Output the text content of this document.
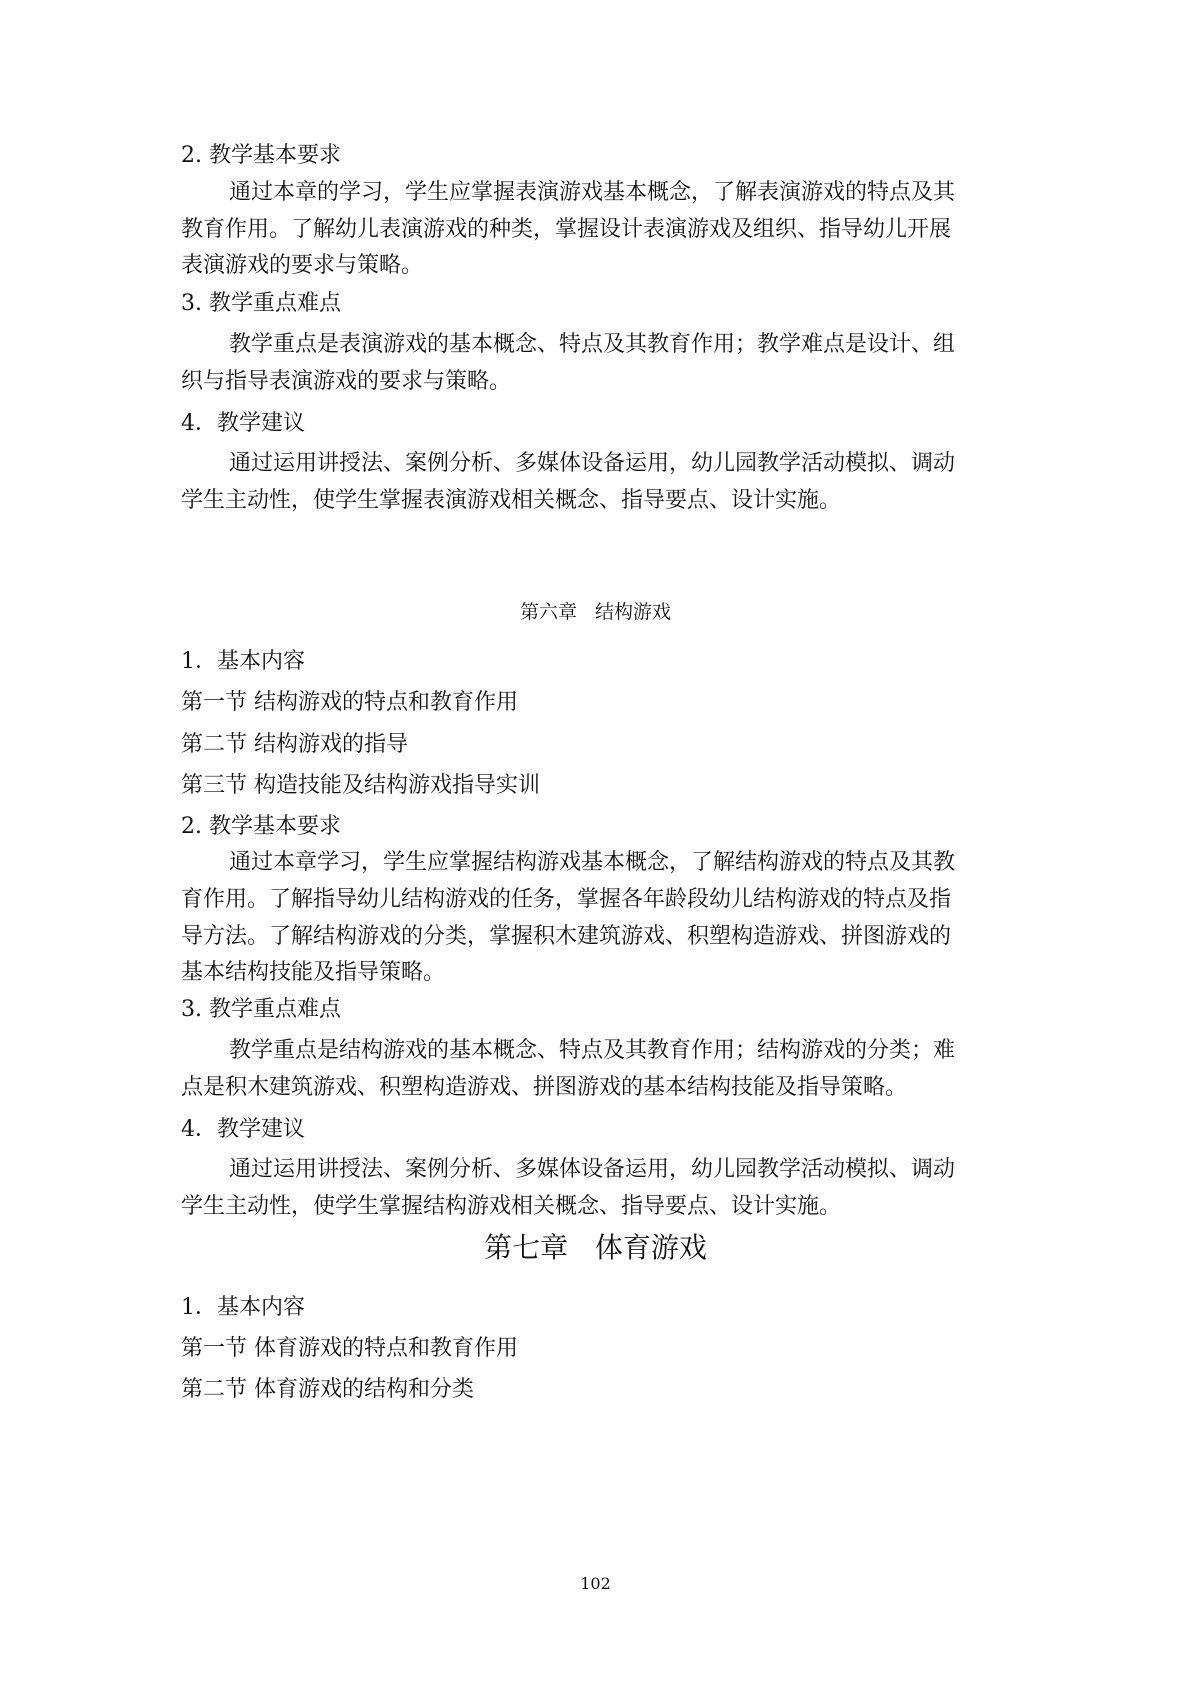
2. 教学基本要求
通过本章的学习，学生应掌握表演游戏基本概念，了解表演游戏的特点及其
教育作用。了解幼儿表演游戏的种类，掌握设计表演游戏及组织、指导幼儿开展
表演游戏的要求与策略。
3. 教学重点难点
教学重点是表演游戏的基本概念、特点及其教育作用；教学难点是设计、组
织与指导表演游戏的要求与策略。
4．教学建议
通过运用讲授法、案例分析、多媒体设备运用，幼儿园教学活动模拟、调动
学生主动性，使学生掌握表演游戏相关概念、指导要点、设计实施。
第六章   结构游戏
1．基本内容
第一节 结构游戏的特点和教育作用
第二节 结构游戏的指导
第三节 构造技能及结构游戏指导实训
2. 教学基本要求
通过本章学习，学生应掌握结构游戏基本概念，了解结构游戏的特点及其教
育作用。了解指导幼儿结构游戏的任务，掌握各年龄段幼儿结构游戏的特点及指
导方法。了解结构游戏的分类，掌握积木建筑游戏、积塑构造游戏、拼图游戏的
基本结构技能及指导策略。
3. 教学重点难点
教学重点是结构游戏的基本概念、特点及其教育作用；结构游戏的分类；难
点是积木建筑游戏、积塑构造游戏、拼图游戏的基本结构技能及指导策略。
4．教学建议
通过运用讲授法、案例分析、多媒体设备运用，幼儿园教学活动模拟、调动
学生主动性，使学生掌握结构游戏相关概念、指导要点、设计实施。
第七章   体育游戏
1．基本内容
第一节 体育游戏的特点和教育作用
第二节 体育游戏的结构和分类
102
